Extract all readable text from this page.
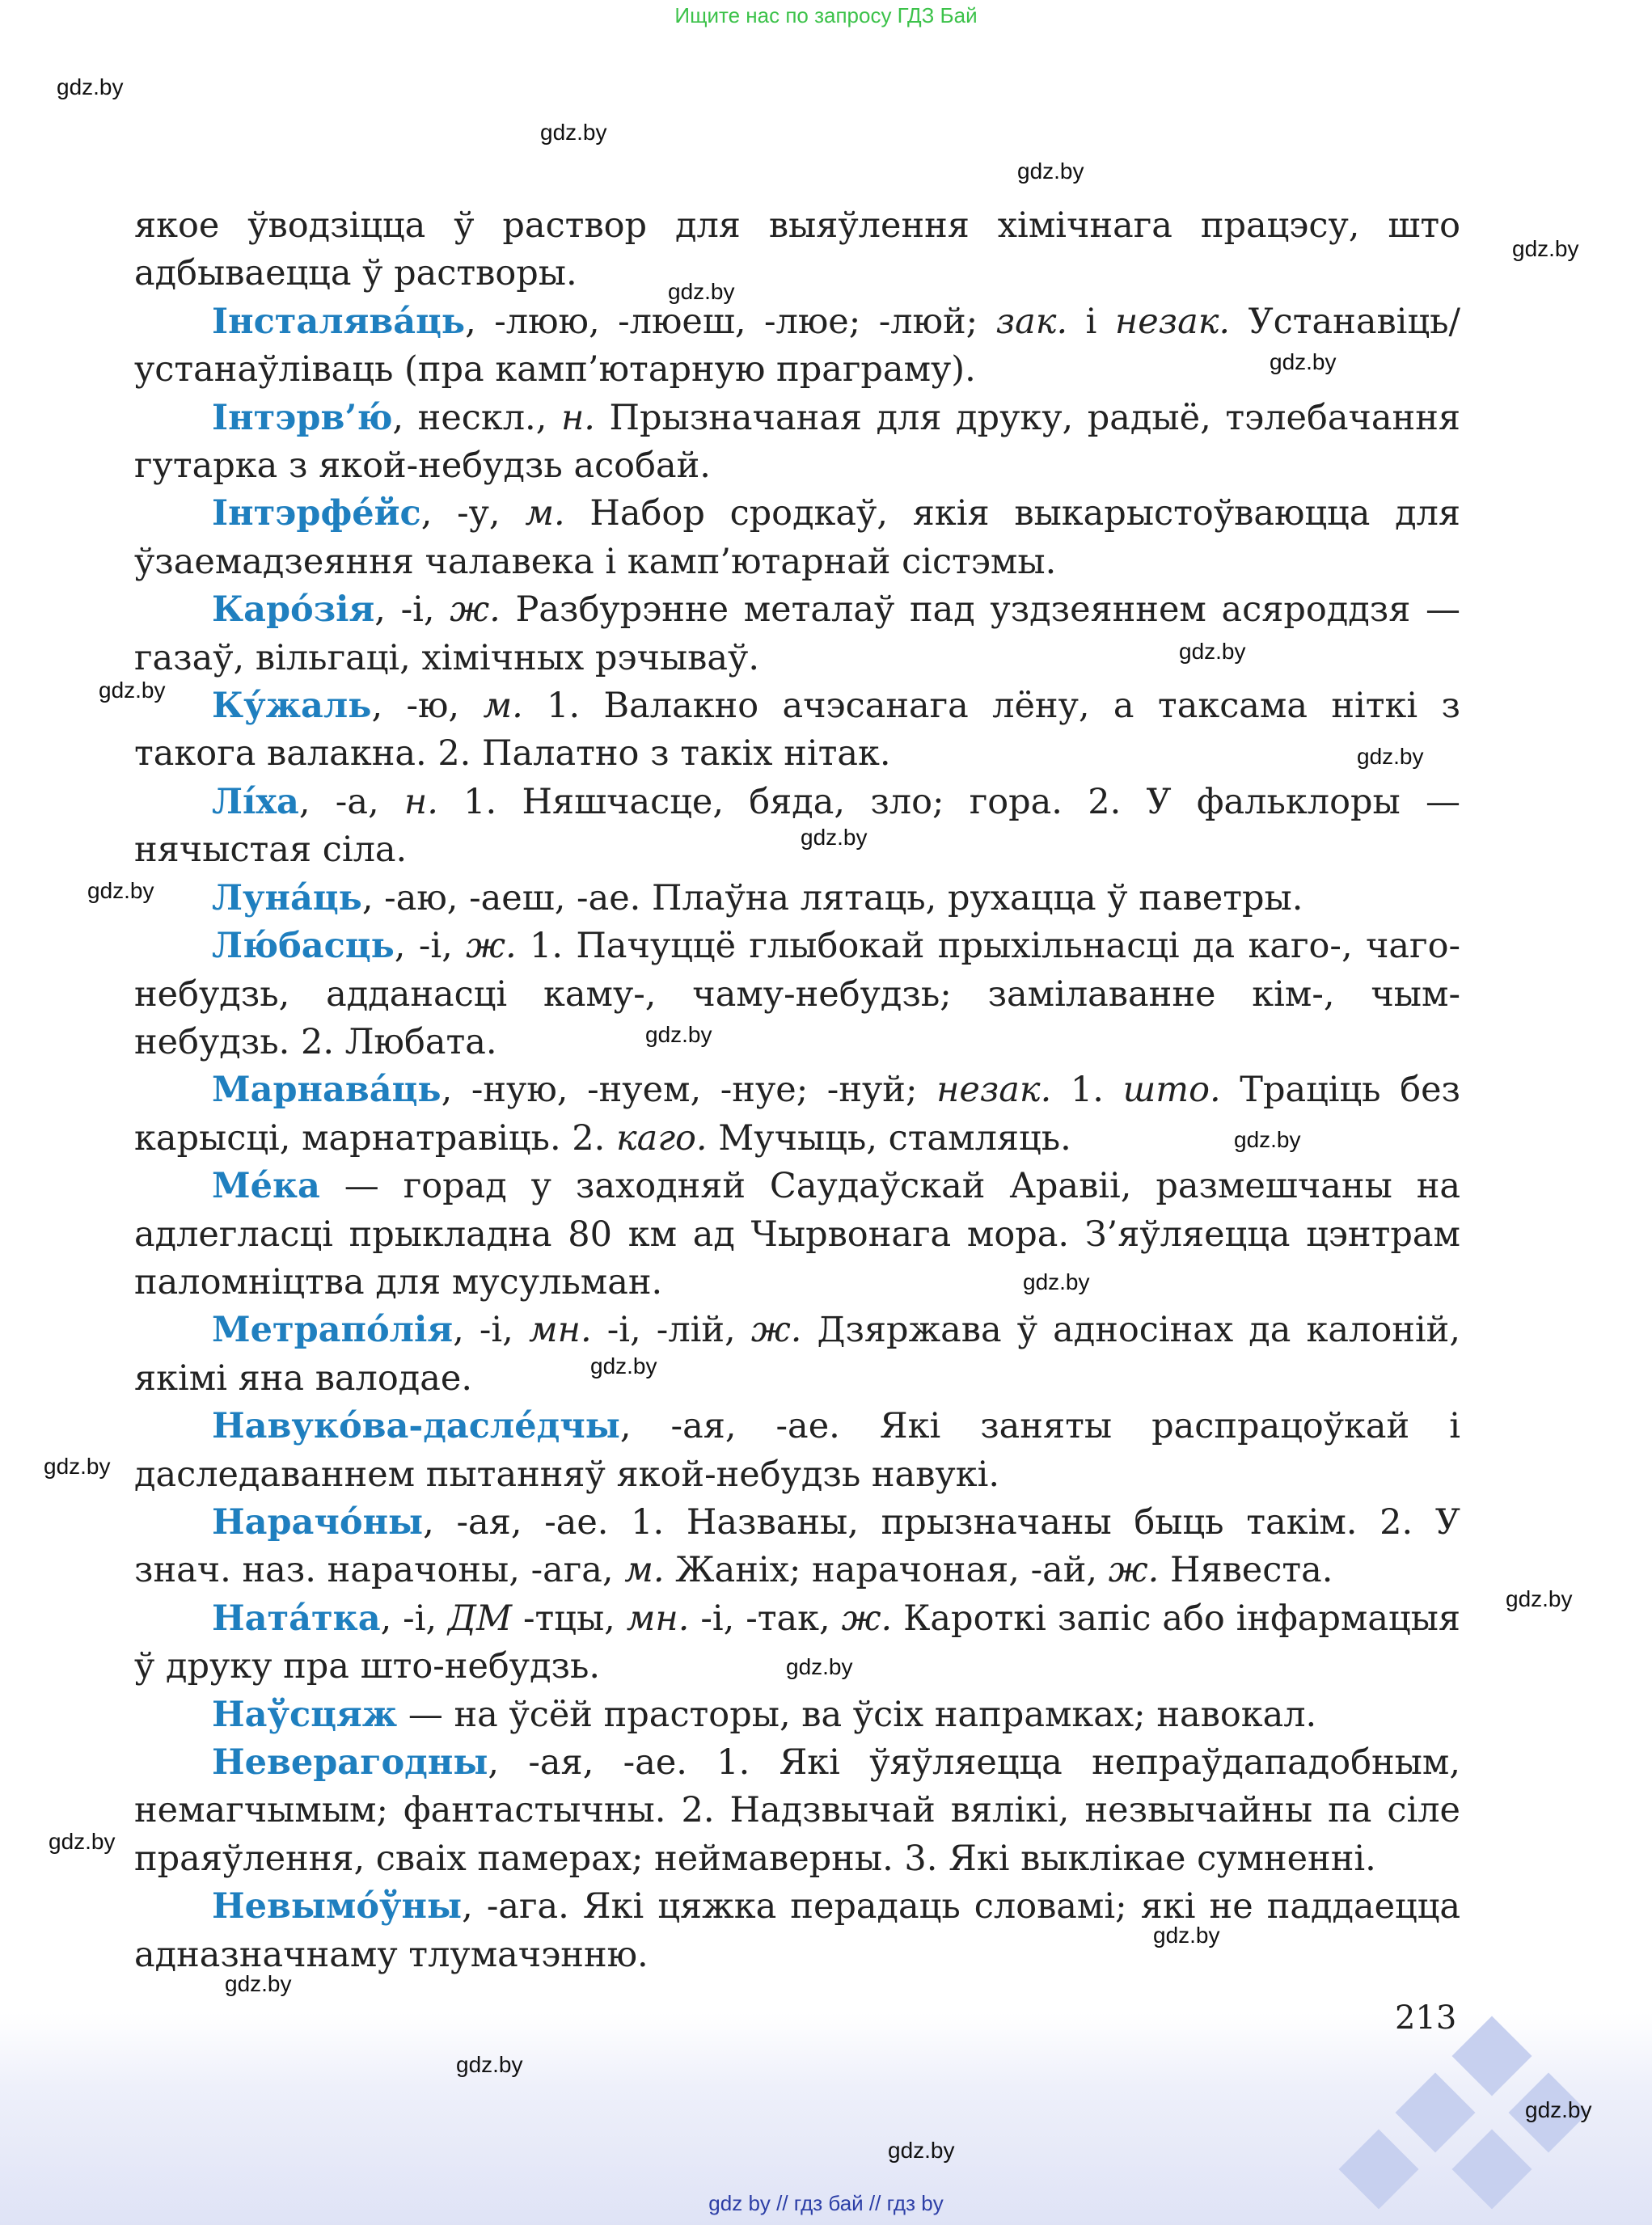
Ищите нас по запросу ГДЗ Бай
gdz.by
gdz.by
gdz.by
gdz.by
gdz.by
gdz.by
gdz.by
gdz.by
gdz.by
gdz.by
gdz.by
gdz.by
gdz.by
gdz.by
gdz.by
gdz.by
gdz.by
gdz.by
gdz.by
gdz.by
gdz.by
gdz.by
gdz.by
gdz.by

якое ўводзіцца ў раствор для выяўлення хімічнага працэсу, што адбываецца ў растворы.

Інсталява́ць, -люю, -люеш, -люе; -люй; зак. і незак. Устанавіць/ устанаўліваць (пра камп’ютарную праграму).

Інтэрв’ю́, нескл., н. Прызначаная для друку, радыё, тэлебачання гутарка з якой-небудзь асобай.

Інтэрфе́йс, -у, м. Набор сродкаў, якія выкарыстоўваюцца для ўзаемадзеяння чалавека і камп’ютарнай сістэмы.

Каро́зія, -і, ж. Разбурэнне металаў пад уздзеяннем асяроддзя — газаў, вільгаці, хімічных рэчываў.

Ку́жаль, -ю, м. 1. Валакно ачэсанага лёну, а таксама ніткі з такога валакна. 2. Палатно з такіх нітак.

Лі́ха, -а, н. 1. Няшчасце, бяда, зло; гора. 2. У фальклоры — нячыстая сіла.

Луна́ць, -аю, -аеш, -ае. Плаўна лятаць, рухацца ў паветры.

Лю́басць, -і, ж. 1. Пачуццё глыбокай прыхільнасці да каго-, чаго-небудзь, адданасці каму-, чаму-небудзь; замілаванне кім-, чым-небудзь. 2. Любата.

Марнава́ць, -ную, -нуем, -нуе; -нуй; незак. 1. што. Траціць без карысці, марнатравіць. 2. каго. Мучыць, стамляць.

Ме́ка — горад у заходняй Саудаўскай Аравіі, размешчаны на адлегласці прыкладна 80 км ад Чырвонага мора. З’яўляецца цэнтрам паломніцтва для мусульман.

Метрапо́лія, -і, мн. -і, -лій, ж. Дзяржава ў адносінах да калоній, якімі яна валодае.

Навуко́ва-дасле́дчы, -ая, -ае. Які заняты распрацоўкай і даследаваннем пытанняў якой-небудзь навукі.

Нарачо́ны, -ая, -ае. 1. Названы, прызначаны быць такім. 2. У знач. наз. нарачоны, -ага, м. Жаніх; нарачоная, -ай, ж. Нявеста.

Ната́тка, -і, ДМ -тцы, мн. -і, -так, ж. Кароткі запіс або інфармацыя ў друку пра што-небудзь.

Наўсцяж — на ўсёй прасторы, ва ўсіх напрамках; навокал.

Неверагодны, -ая, -ае. 1. Які ўяўляецца непраўдападобным, немагчымым; фантастычны. 2. Надзвычай вялікі, незвычайны па сіле праяўлення, сваіх памерах; неймаверны. 3. Які выклікае сумненні.

Невымо́ўны, -ага. Які цяжка перадаць словамі; які не паддаецца адназначнаму тлумачэнню.

213
gdz by // гдз бай // гдз by
